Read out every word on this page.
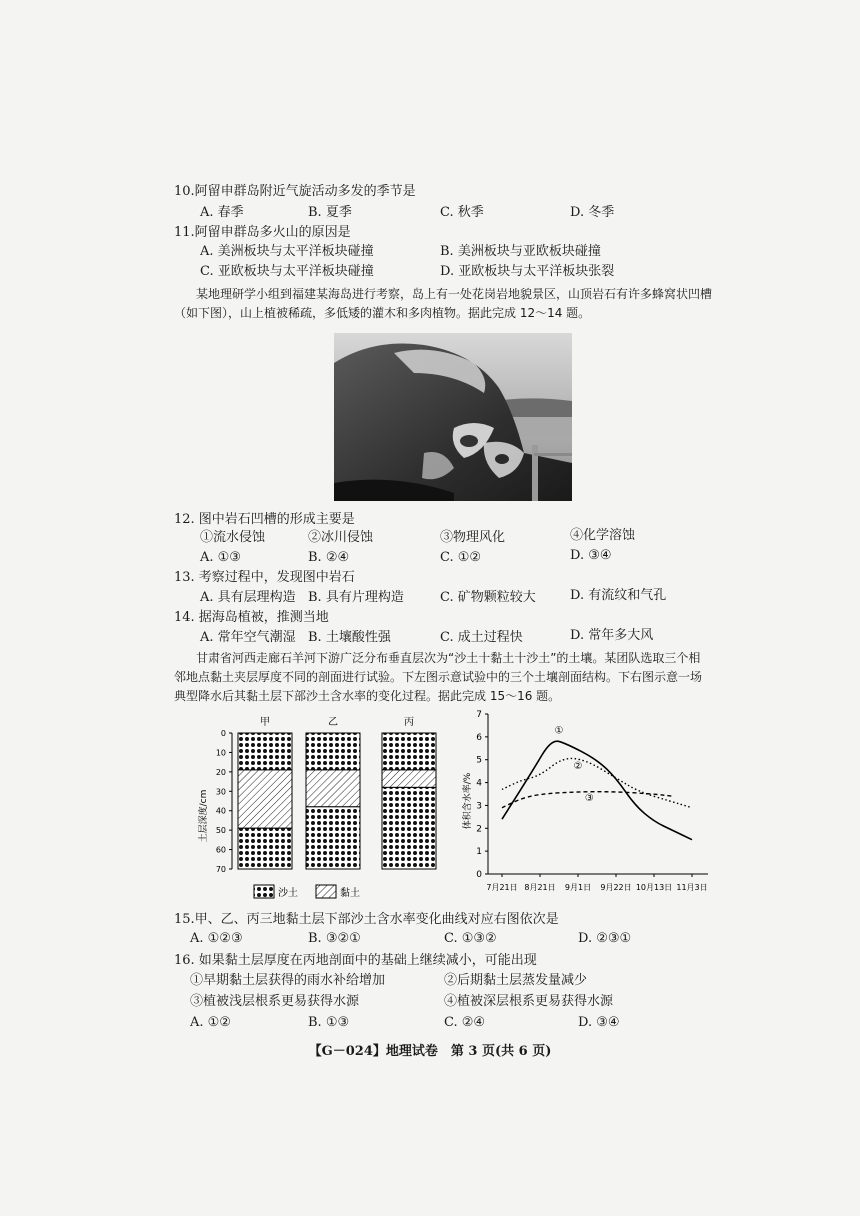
10.阿留申群岛附近气旋活动多发的季节是
A. 春季	B. 夏季	C. 秋季	D. 冬季
11.阿留申群岛多火山的原因是
A. 美洲板块与太平洋板块碰撞	B. 美洲板块与亚欧板块碰撞
C. 亚欧板块与太平洋板块碰撞	D. 亚欧板块与太平洋板块张裂
某地理研学小组到福建某海岛进行考察，岛上有一处花岗岩地貌景区，山顶岩石有许多蜂窝状凹槽
（如下图），山上植被稀疏，多低矮的灌木和多肉植物。据此完成 12～14 题。
12. 图中岩石凹槽的形成主要是
①流水侵蚀	②冰川侵蚀	③物理风化	④化学溶蚀
A. ①③	B. ②④	C. ①②	D. ③④
13. 考察过程中，发现图中岩石
A. 具有层理构造 B. 具有片理构造	C. 矿物颗粒较大	D. 有流纹和气孔
14. 据海岛植被，推测当地
A. 常年空气潮湿 B. 土壤酸性强	C. 成土过程快	D. 常年多大风
甘肃省河西走廊石羊河下游广泛分布垂直层次为“沙土十黏土十沙土”的土壤。某团队选取三个相
邻地点黏土夹层厚度不同的剖面进行试验。下左图示意试验中的三个土壤剖面结构。下右图示意一场
典型降水后其黏土层下部沙土含水率的变化过程。据此完成 15～16 题。
土层深度/cm
0
10
20
30
40
50
60
70
甲	乙	丙
沙土	黏土
体积含水率/%
0
1
2
3
4
5
6
7
7月21日 8月21日 9月1日 9月22日 10月13日 11月3日
①
②
③
15.甲、乙、丙三地黏土层下部沙土含水率变化曲线对应右图依次是
A. ①②③	B. ③②①	C. ①③②	D. ②③①
16. 如果黏土层厚度在丙地剖面中的基础上继续减小，可能出现
①早期黏土层获得的雨水补给增加	②后期黏土层蒸发量减少
③植被浅层根系更易获得水源	④植被深层根系更易获得水源
A. ①②	B. ①③	C. ②④	D. ③④
【G－024】地理试卷　第 3 页(共 6 页)
